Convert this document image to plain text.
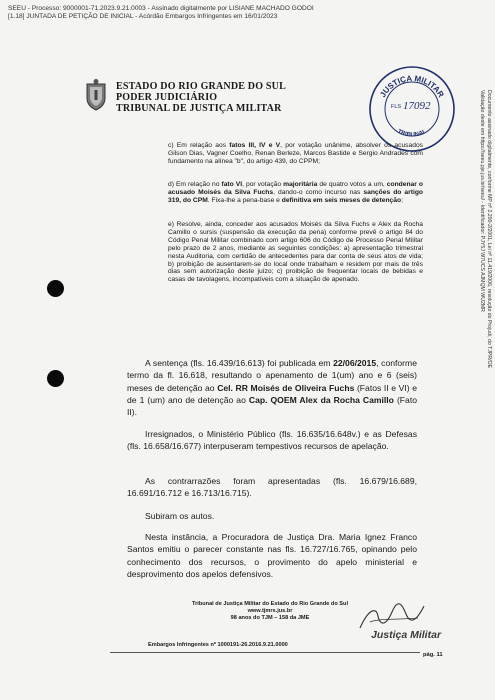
SEEU - Processo: 9000001-71.2023.9.21.0003 - Assinado digitalmente por LISIANE MACHADO GODOI
[1.18] JUNTADA DE PETIÇÃO DE INICIAL - Acórdão Embargos Infringentes em 16/01/2023
Documento assinado digitalmente, conforme MP nº 2.200-2/2001, Lei nº 11.419/2006, resolução do Projudi, do TJPR/OE
Validação deste em https://seeu.pje.jus.br/seeu/ - Identificador: PJY5J W7UCS AJMQM WU2MR
ESTADO DO RIO GRANDE DO SUL
PODER JUDICIÁRIO
TRIBUNAL DE JUSTIÇA MILITAR
JUSTIÇA MILITAR
TRIBUNAL
FLS 17092
c) Em relação aos fatos III, IV e V, por votação unânime, absolver os acusados Gilson Dias, Vagner Coelho, Renan Berleze, Marcos Bastide e Sergio Andrades com fundamento na alínea "b", do artigo 439, do CPPM;
d) Em relação no fato VI, por votação majoritária de quatro votos a um, condenar o acusado Moisés da Silva Fuchs, dando-o como incurso nas sanções do artigo 319, do CPM. Fixa-lhe a pena-base e definitiva em seis meses de detenção;
e) Resolve, ainda, conceder aos acusados Moisés da Silva Fuchs e Alex da Rocha Camillo o sursis (suspensão da execução da pena) conforme prevê o artigo 84 do Código Penal Militar combinado com artigo 606 do Código de Processo Penal Militar pelo prazo de 2 anos, mediante as seguintes condições: a) apresentação trimestral nesta Auditoria, com certidão de antecedentes para dar conta de seus atos de vida; b) proibição de ausentarem-se do local onde trabalham e residem por mais de três dias sem autorização deste juízo; c) proibição de frequentar locais de bebidas e casas de tavolagens, incompatíveis com a situação de apenado.
A sentença (fls. 16.439/16.613) foi publicada em 22/06/2015, conforme termo da fl. 16.618, resultando o apenamento de 1(um) ano e 6 (seis) meses de detenção ao Cel. RR Moisés de Oliveira Fuchs (Fatos II e VI) e de 1 (um) ano de detenção ao Cap. QOEM Alex da Rocha Camillo (Fato II).
Irresignados, o Ministério Público (fls. 16.635/16.648v.) e as Defesas (fls. 16.658/16.677) interpuseram tempestivos recursos de apelação.
As contrarrazões foram apresentadas (fls. 16.679/16.689, 16.691/16.712 e 16.713/16.715).
Subiram os autos.
Nesta instância, a Procuradora de Justiça Dra. Maria Ignez Franco Santos emitiu o parecer constante nas fls. 16.727/16.765, opinando pelo conhecimento dos recursos, o provimento do apelo ministerial e desprovimento dos apelos defensivos.
Tribunal de Justiça Militar do Estado do Rio Grande do Sul
www.tjmrs.jus.br
98 anos do TJM – 158 da JME
Justiça Militar
Embargos Infringentes nº 1000191-26.2016.9.21.0000
pág. 11
